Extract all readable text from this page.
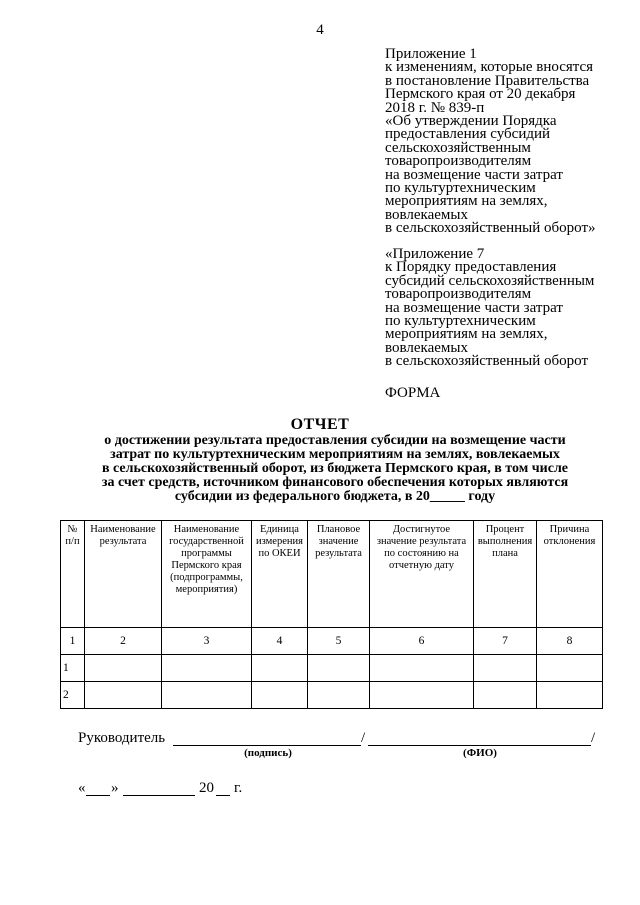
4
Приложение 1
к изменениям, которые вносятся
в постановление Правительства
Пермского края от 20 декабря
2018 г. № 839-п
«Об утверждении Порядка
предоставления субсидий
сельскохозяйственным
товаропроизводителям
на возмещение части затрат
по культуртехническим
мероприятиям на землях,
вовлекаемых
в сельскохозяйственный оборот»
«Приложение 7
к Порядку предоставления
субсидий сельскохозяйственным
товаропроизводителям
на возмещение части затрат
по культуртехническим
мероприятиям на землях,
вовлекаемых
в сельскохозяйственный оборот
ФОРМА
ОТЧЕТ
о достижении результата предоставления субсидии на возмещение части
затрат по культуртехническим мероприятиям на землях, вовлекаемых
в сельскохозяйственный оборот, из бюджета Пермского края, в том числе
за счет средств, источником финансового обеспечения которых являются
субсидии из федерального бюджета, в 20_____ году
№ п/п	Наименование результата	Наименование государственной программы Пермского края (подпрограммы, мероприятия)	Единица измерения по ОКЕИ	Плановое значение результата	Достигнутое значение результата по состоянию на отчетную дату	Процент выполнения плана	Причина отклонения
1	2	3	4	5	6	7	8
1							
2							
Руководитель	/	/
(подпись)	(ФИО)
« »	20 г.
